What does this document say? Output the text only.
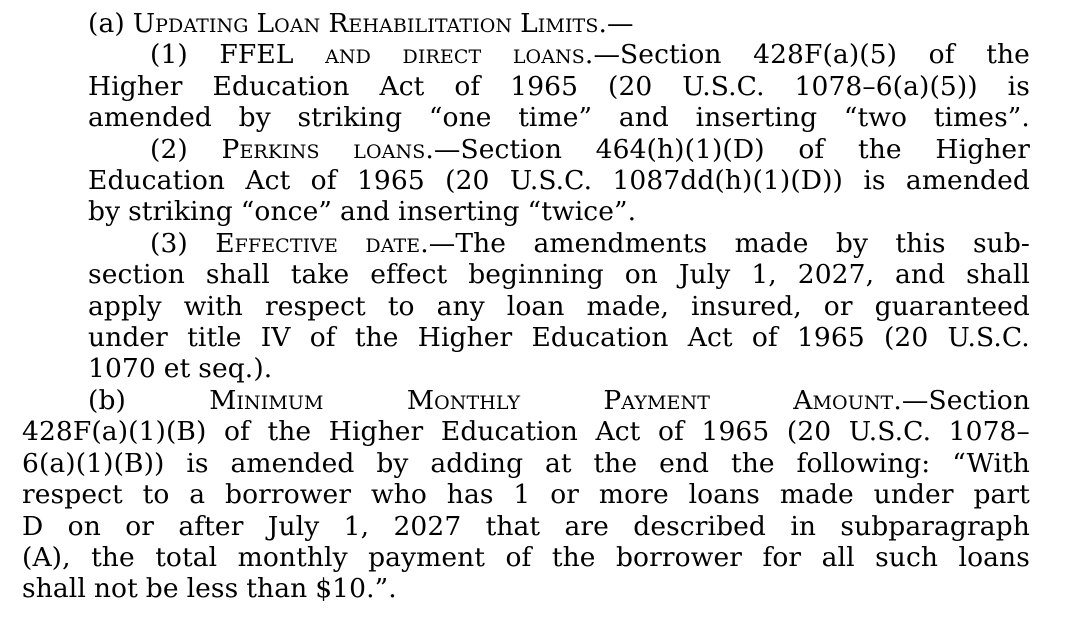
(a) Updating Loan Rehabilitation Limits.—
(1) FFEL and direct loans.—Section 428F(a)(5) of the
Higher Education Act of 1965 (20 U.S.C. 1078–6(a)(5)) is
amended by striking “one time” and inserting “two times”.
(2) Perkins loans.—Section 464(h)(1)(D) of the Higher
Education Act of 1965 (20 U.S.C. 1087dd(h)(1)(D)) is amended
by striking “once” and inserting “twice”.
(3) Effective date.—The amendments made by this sub-
section shall take effect beginning on July 1, 2027, and shall
apply with respect to any loan made, insured, or guaranteed
under title IV of the Higher Education Act of 1965 (20 U.S.C.
1070 et seq.).
(b)	Minimum	Monthly	Payment	Amount.—Section
428F(a)(1)(B) of the Higher Education Act of 1965 (20 U.S.C. 1078–
6(a)(1)(B)) is amended by adding at the end the following: “With
respect to a borrower who has 1 or more loans made under part
D on or after July 1, 2027 that are described in subparagraph
(A), the total monthly payment of the borrower for all such loans
shall not be less than $10.”.
